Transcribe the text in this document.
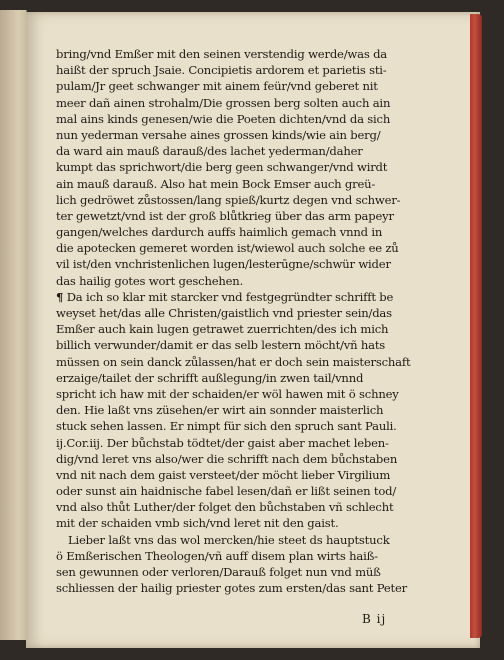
bring/vnd Emßer mit den seinen verstendig werde/was da
haißt der spruch Jsaie. Concipietis ardorem et parietis sti-
pulam/Jr geet schwanger mit ainem feür/vnd geberet nit
meer dañ ainen strohalm/Die grossen berg solten auch ain
mal ains kinds genesen/wie die Poeten dichten/vnd da sich
nun yederman versahe aines grossen kinds/wie ain berg/
da ward ain mauß darauß/des lachet yederman/daher
kumpt das sprichwort/die berg geen schwanger/vnd wirdt
ain mauß darauß. Also hat mein Bock Emser auch greü-
lich gedröwet zůstossen/lang spieß/kurtz degen vnd schwer-
ter gewetzt/vnd ist der groß blůtkrieg über das arm papeyr
gangen/welches dardurch auffs haimlich gemach vnnd in
die apotecken gemeret worden ist/wiewol auch solche ee zů
vil ist/den vnchristenlichen lugen/lesterūgne/schwür wider
das hailig gotes wort geschehen.
¶ Da ich so klar mit starcker vnd festgegründter schrifft be
weyset het/das alle Christen/gaistlich vnd priester sein/das
Emßer auch kain lugen getrawet zuerrichten/des ich mich
billich verwunder/damit er das selb lestern möcht/vñ hats
müssen on sein danck zůlassen/hat er doch sein maisterschaft
erzaige/tailet der schrifft außlegung/in zwen tail/vnnd
spricht ich haw mit der schaiden/er wöl hawen mit ö schney
den. Hie laßt vns züsehen/er wirt ain sonnder maisterlich
stuck sehen lassen. Er nimpt für sich den spruch sant Pauli.
ij.Cor.iij. Der bůchstab tödtet/der gaist aber machet leben-
dig/vnd leret vns also/wer die schrifft nach dem bůchstaben
vnd nit nach dem gaist versteet/der möcht lieber Virgilium
oder sunst ain haidnische fabel lesen/dañ er lißt seinen tod/
vnd also thůt Luther/der folget den bůchstaben vñ schlecht
mit der schaiden vmb sich/vnd leret nit den gaist.
Lieber laßt vns das wol mercken/hie steet ds hauptstuck
ö Emßerischen Theologen/vñ auff disem plan wirts haiß-
sen gewunnen oder verloren/Darauß folget nun vnd müß
schliessen der hailig priester gotes zum ersten/das sant Peter
B ij
